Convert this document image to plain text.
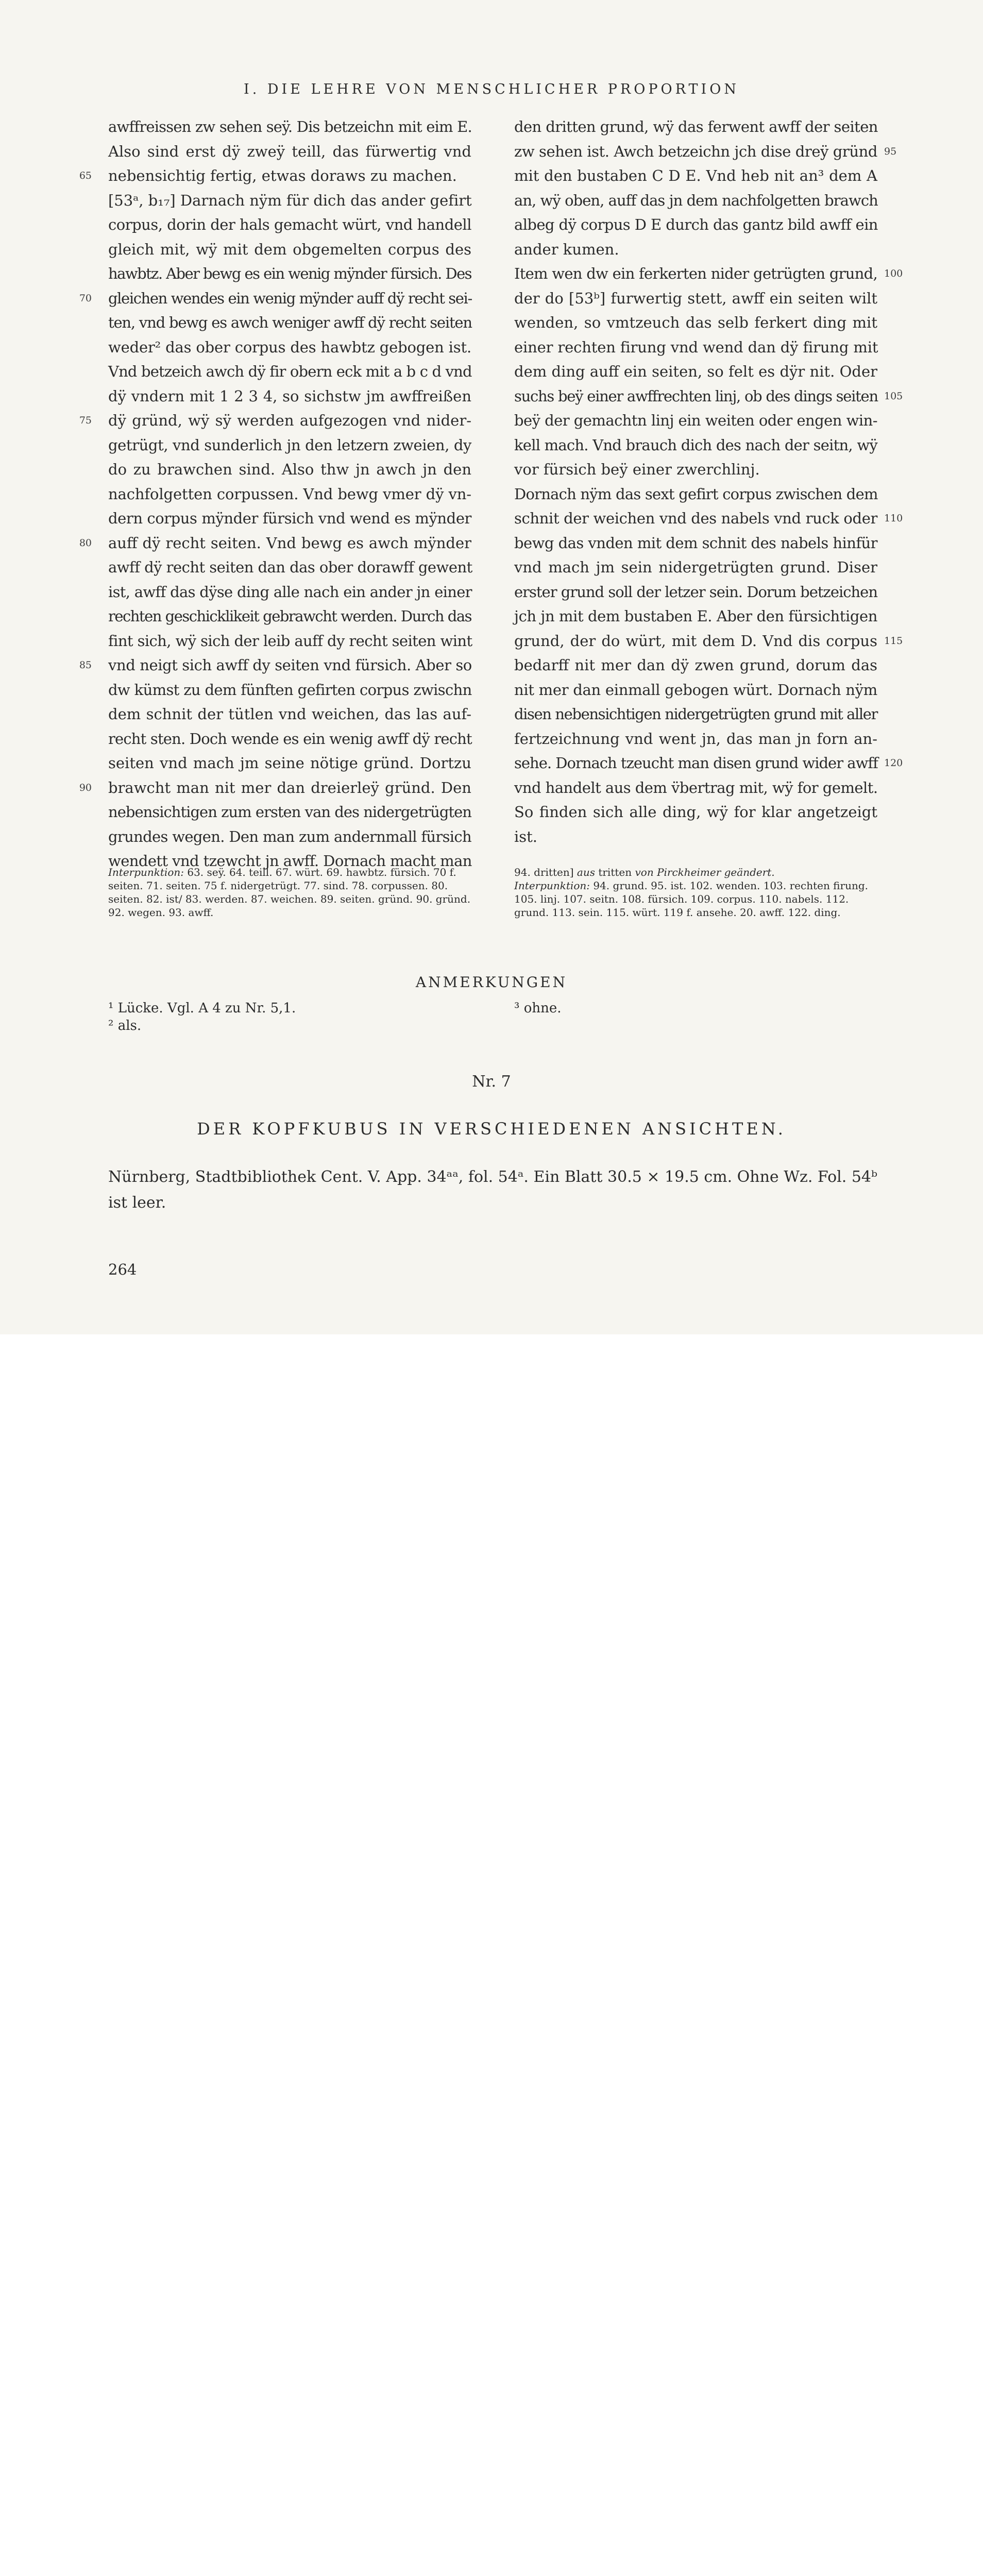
I. DIE LEHRE VON MENSCHLICHER PROPORTION
awffreissen zw sehen seÿ. Dis betzeichn mit eim E.
Also sind erst dÿ zweÿ teill, das fürwertig vnd
nebensichtig fertig, etwas doraws zu machen.
65
[53ᵃ, b₁₇] Darnach nÿm für dich das ander gefirt
corpus, dorin der hals gemacht würt, vnd handell
gleich mit, wÿ mit dem obgemelten corpus des
hawbtz. Aber bewg es ein wenig mÿnder fürsich. Des
gleichen wendes ein wenig mÿnder auff dÿ recht sei-
70
ten, vnd bewg es awch weniger awff dÿ recht seiten
weder² das ober corpus des hawbtz gebogen ist.
Vnd betzeich awch dÿ fir obern eck mit a b c d vnd
dÿ vndern mit 1 2 3 4, so sichstw jm awffreißen
dÿ gründ, wÿ sÿ werden aufgezogen vnd nider-
75
getrügt, vnd sunderlich jn den letzern zweien, dy
do zu brawchen sind. Also thw jn awch jn den
nachfolgetten corpussen. Vnd bewg vmer dÿ vn-
dern corpus mÿnder fürsich vnd wend es mÿnder
auff dÿ recht seiten. Vnd bewg es awch mÿnder
80
awff dÿ recht seiten dan das ober dorawff gewent
ist, awff das dÿse ding alle nach ein ander jn einer
rechten geschicklikeit gebrawcht werden. Durch das
fint sich, wÿ sich der leib auff dy recht seiten wint
vnd neigt sich awff dy seiten vnd fürsich. Aber so
85
dw kümst zu dem fünften gefirten corpus zwischn
dem schnit der tütlen vnd weichen, das las auf-
recht sten. Doch wende es ein wenig awff dÿ recht
seiten vnd mach jm seine nötige gründ. Dortzu
brawcht man nit mer dan dreierleÿ gründ. Den
90
nebensichtigen zum ersten van des nidergetrügten
grundes wegen. Den man zum andernmall fürsich
wendett vnd tzewcht jn awff. Dornach macht man
den dritten grund, wÿ das ferwent awff der seiten
zw sehen ist. Awch betzeichn jch dise dreÿ gründ 95
mit den bustaben C D E. Vnd heb nit an³ dem A
an, wÿ oben, auff das jn dem nachfolgetten brawch
albeg dÿ corpus D E durch das gantz bild awff ein
ander kumen.
Item wen dw ein ferkerten nider getrügten grund, 100
der do [53ᵇ] furwertig stett, awff ein seiten wilt
wenden, so vmtzeuch das selb ferkert ding mit
einer rechten firung vnd wend dan dÿ firung mit
dem ding auff ein seiten, so felt es dÿr nit. Oder
suchs beÿ einer awffrechten linj, ob des dings seiten 105
beÿ der gemachtn linj ein weiten oder engen win-
kell mach. Vnd brauch dich des nach der seitn, wÿ
vor fürsich beÿ einer zwerchlinj.
Dornach nÿm das sext gefirt corpus zwischen dem
schnit der weichen vnd des nabels vnd ruck oder 110
bewg das vnden mit dem schnit des nabels hinfür
vnd mach jm sein nidergetrügten grund. Diser
erster grund soll der letzer sein. Dorum betzeichen
jch jn mit dem bustaben E. Aber den fürsichtigen
grund, der do würt, mit dem D. Vnd dis corpus 115
bedarff nit mer dan dÿ zwen grund, dorum das
nit mer dan einmall gebogen würt. Dornach nÿm
disen nebensichtigen nidergetrügten grund mit aller
fertzeichnung vnd went jn, das man jn forn an-
sehe. Dornach tzeucht man disen grund wider awff 120
vnd handelt aus dem v̈bertrag mit, wÿ for gemelt.
So finden sich alle ding, wÿ for klar angetzeigt
ist.

Interpunktion: 63. seÿ. 64. teill. 67. würt. 69. hawbtz. fürsich. 70 f. seiten. 71. seiten. 75 f. nidergetrügt. 77. sind. 78. corpussen. 80. seiten. 82. ist/ 83. werden. 87. weichen. 89. seiten. gründ. 90. gründ. 92. wegen. 93. awff.

94. dritten] aus tritten von Pirckheimer geändert.

Interpunktion: 94. grund. 95. ist. 102. wenden. 103. rechten firung. 105. linj. 107. seitn. 108. fürsich. 109. corpus. 110. nabels. 112. grund. 113. sein. 115. würt. 119 f. ansehe. 20. awff. 122. ding.

ANMERKUNGEN
¹ Lücke. Vgl. A 4 zu Nr. 5,1.
² als.
³ ohne.
Nr. 7
DER KOPFKUBUS IN VERSCHIEDENEN ANSICHTEN.
Nürnberg, Stadtbibliothek Cent. V. App. 34ᵃᵃ, fol. 54ᵃ. Ein Blatt 30.5 × 19.5 cm. Ohne Wz. Fol. 54ᵇ ist leer.
264
